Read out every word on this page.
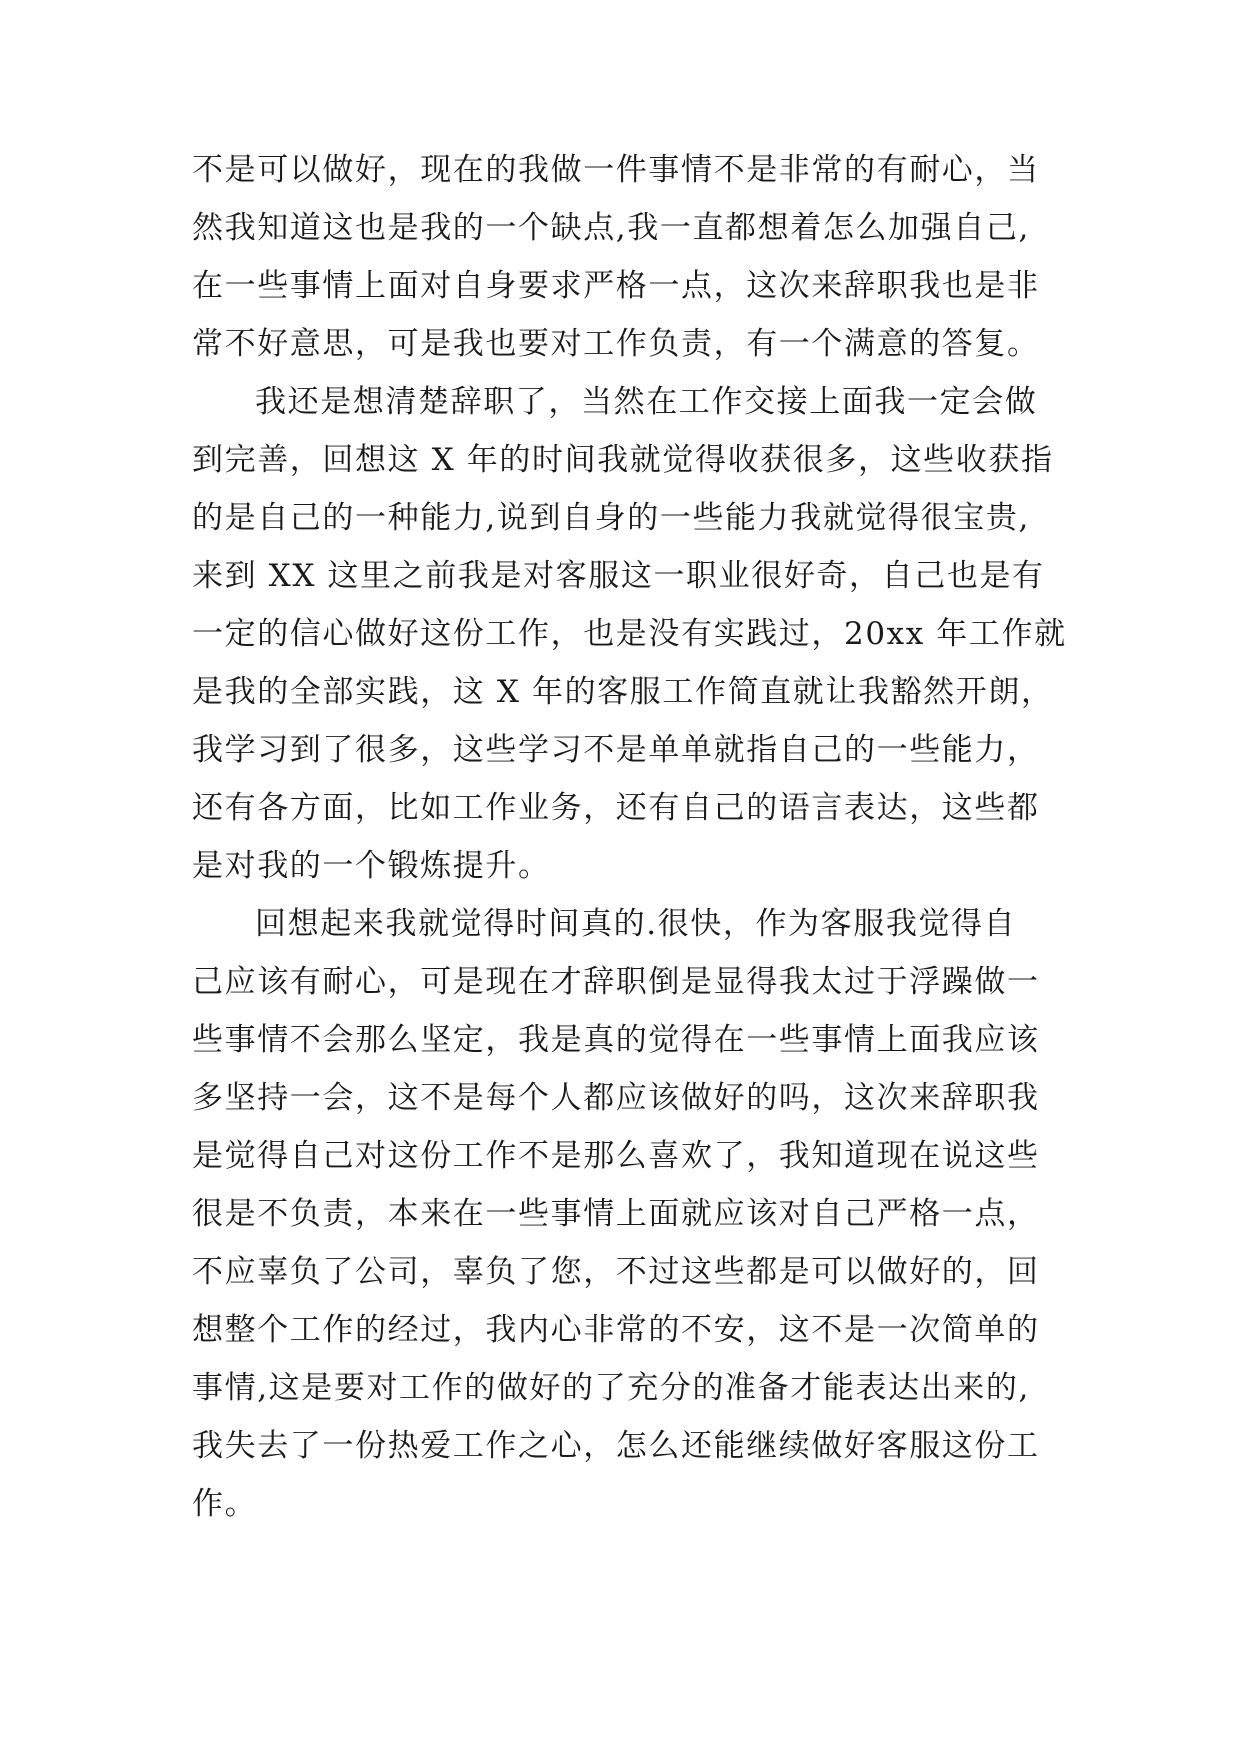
不是可以做好，现在的我做一件事情不是非常的有耐心，当
然我知道这也是我的一个缺点,我一直都想着怎么加强自己,
在一些事情上面对自身要求严格一点，这次来辞职我也是非
常不好意思，可是我也要对工作负责，有一个满意的答复。
我还是想清楚辞职了，当然在工作交接上面我一定会做
到完善，回想这 X 年的时间我就觉得收获很多，这些收获指
的是自己的一种能力,说到自身的一些能力我就觉得很宝贵,
来到 XX 这里之前我是对客服这一职业很好奇，自己也是有
一定的信心做好这份工作，也是没有实践过，20xx 年工作就
是我的全部实践，这 X 年的客服工作简直就让我豁然开朗，
我学习到了很多，这些学习不是单单就指自己的一些能力，
还有各方面，比如工作业务，还有自己的语言表达，这些都
是对我的一个锻炼提升。
回想起来我就觉得时间真的.很快，作为客服我觉得自
己应该有耐心，可是现在才辞职倒是显得我太过于浮躁做一
些事情不会那么坚定，我是真的觉得在一些事情上面我应该
多坚持一会，这不是每个人都应该做好的吗，这次来辞职我
是觉得自己对这份工作不是那么喜欢了，我知道现在说这些
很是不负责，本来在一些事情上面就应该对自己严格一点，
不应辜负了公司，辜负了您，不过这些都是可以做好的，回
想整个工作的经过，我内心非常的不安，这不是一次简单的
事情,这是要对工作的做好的了充分的准备才能表达出来的,
我失去了一份热爱工作之心，怎么还能继续做好客服这份工
作。
